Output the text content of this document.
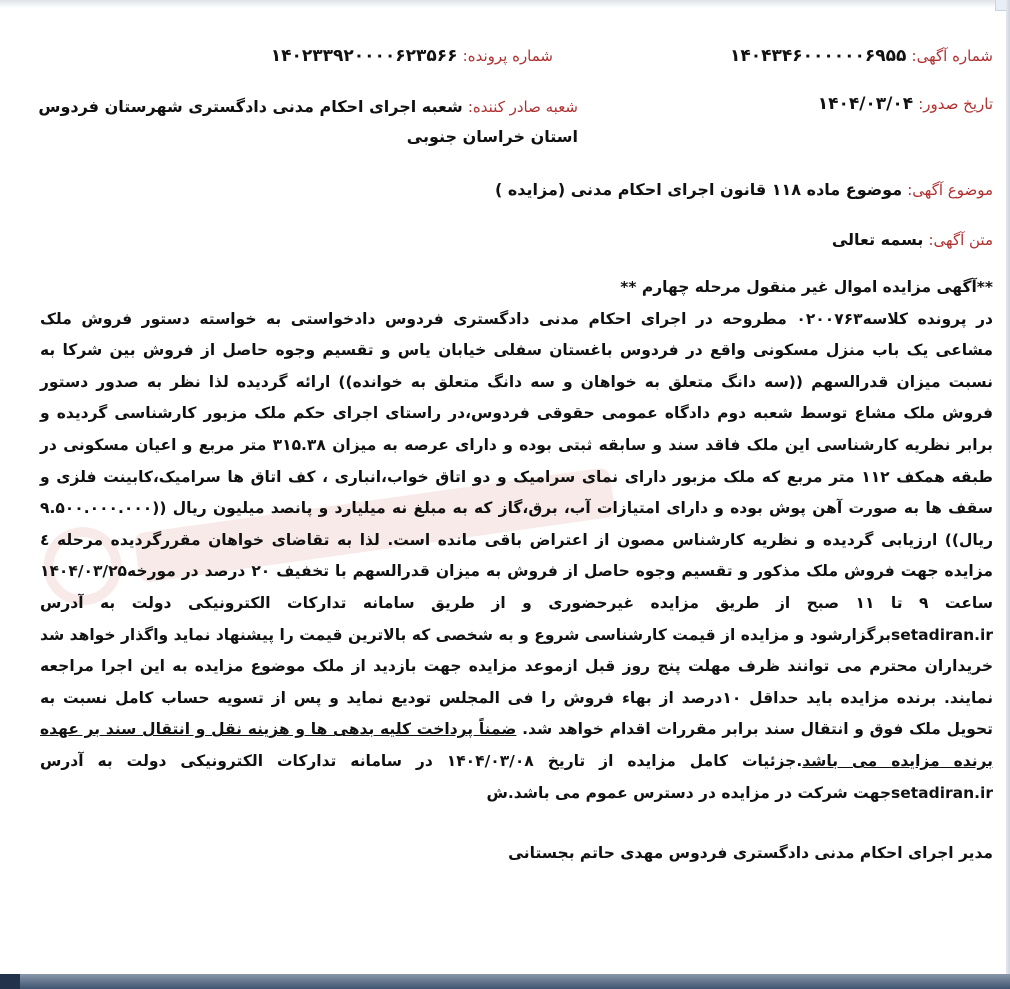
شماره آگهی: ۱۴۰۴۳۴۶۰۰۰۰۰۰۶۹۵۵
شماره پرونده: ۱۴۰۲۳۳۹۲۰۰۰۰۶۲۳۵۶۶
تاریخ صدور: ۱۴۰۴/۰۳/۰۴
شعبه صادر کننده: شعبه اجرای احکام مدنی دادگستری شهرستان فردوس استان خراسان جنوبی
موضوع آگهی: موضوع ماده ۱۱۸ قانون اجرای احکام مدنی (مزایده )
متن آگهی: بسمه تعالی
**آگهی مزایده اموال غیر منقول مرحله چهارم **
در پرونده کلاسه۰۲۰۰۷۶۳ مطروحه در اجرای احکام مدنی دادگستری فردوس دادخواستی به خواسته دستور فروش ملک مشاعی یک باب منزل مسکونی واقع در فردوس باغستان سفلی خیابان یاس و تقسیم وجوه حاصل از فروش بین شرکا به نسبت میزان قدرالسهم ((سه دانگ متعلق به خواهان و سه دانگ متعلق به خوانده)) ارائه گردیده لذا نظر به صدور دستور فروش ملک مشاع توسط شعبه دوم دادگاه عمومی حقوقی فردوس،در راستای اجرای حکم ملک مزبور کارشناسی گردیده و برابر نظریه کارشناسی این ملک فاقد سند و سابقه ثبتی بوده و دارای عرصه به میزان ۳۱۵.۳۸ متر مربع و اعیان مسکونی در طبقه همکف ۱۱۲ متر مربع که ملک مزبور دارای نمای سرامیک و دو اتاق خواب،انباری ، کف اتاق ها سرامیک،کابینت فلزی و سقف ها به صورت آهن پوش بوده و دارای امتیازات آب، برق،گاز که به مبلغ نه میلیارد و پانصد میلیون ریال ((۹.۵۰۰.۰۰۰.۰۰۰ ریال)) ارزیابی گردیده و نظریه کارشناس مصون از اعتراض باقی مانده است. لذا به تقاضای خواهان مقررگردیده مرحله ٤ مزایده جهت فروش ملک مذکور و تقسیم وجوه حاصل از فروش به میزان قدرالسهم با تخفیف ۲۰ درصد در مورخه۱۴۰۴/۰۳/۲۵ ساعت ۹ تا ۱۱ صبح از طریق مزایده غیرحضوری و از طریق سامانه تدارکات الکترونیکی دولت به آدرس setadiran.irبرگزارشود و مزایده از قیمت کارشناسی شروع و به شخصی که بالاترین قیمت را پیشنهاد نماید واگذار خواهد شد خریداران محترم می توانند ظرف مهلت پنج روز قبل ازموعد مزایده جهت بازدید از ملک موضوع مزایده به این اجرا مراجعه نمایند. برنده مزایده باید حداقل ۱۰درصد از بهاء فروش را فی المجلس توديع نماید و پس از تسویه حساب کامل نسبت به تحویل ملک فوق و انتقال سند برابر مقررات اقدام خواهد شد. ضمناً پرداخت کلیه بدهی ها و هزینه نقل و انتقال سند بر عهده برنده مزایده می باشد.جزئیات کامل مزایده از تاریخ ۱۴۰۴/۰۳/۰۸ در سامانه تدارکات الکترونیکی دولت به آدرس setadiran.irجهت شرکت در مزایده در دسترس عموم می باشد.ش
مدیر اجرای احکام مدنی دادگستری فردوس مهدی حاتم بجستانی
